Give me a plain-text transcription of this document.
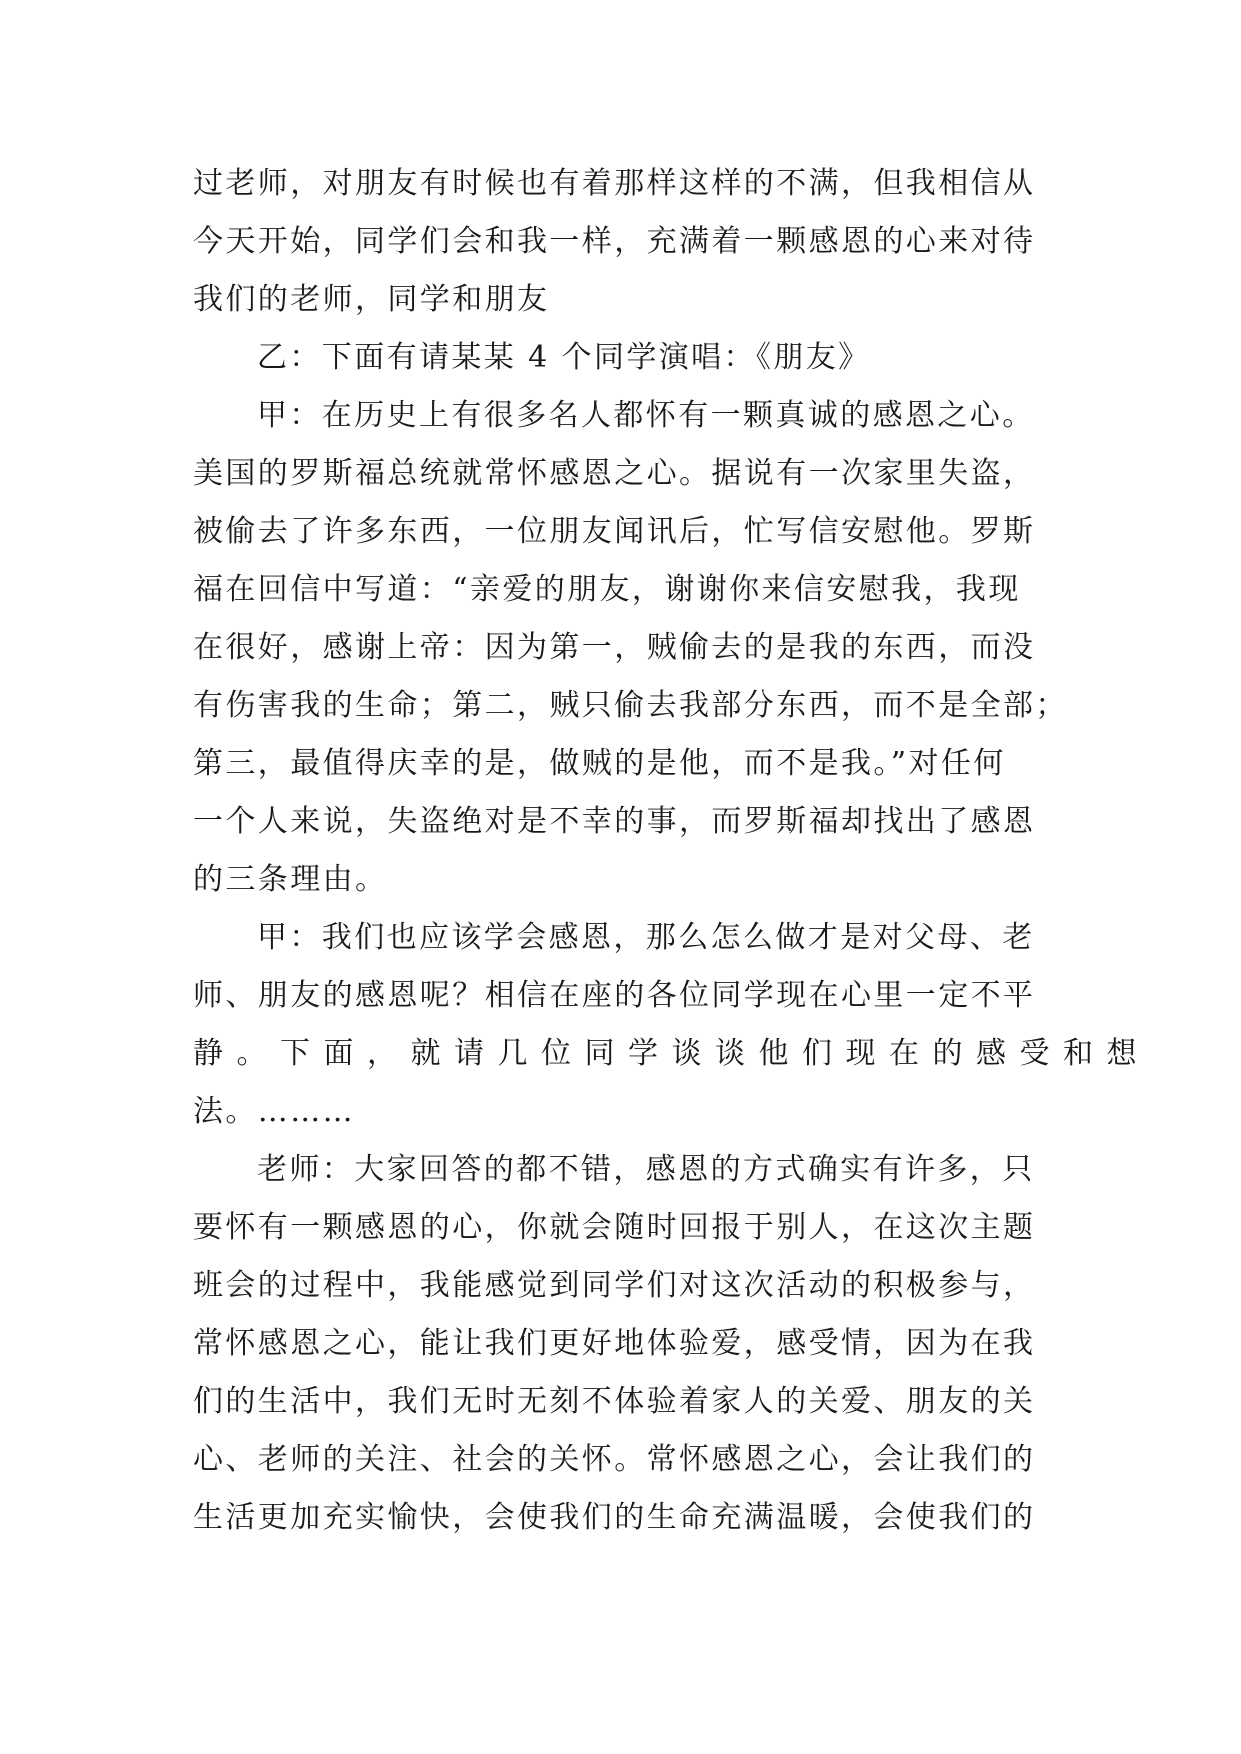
过老师，对朋友有时候也有着那样这样的不满，但我相信从
今天开始，同学们会和我一样，充满着一颗感恩的心来对待
我们的老师，同学和朋友

乙：下面有请某某 4 个同学演唱：《朋友》

甲：在历史上有很多名人都怀有一颗真诚的感恩之心。
美国的罗斯福总统就常怀感恩之心。据说有一次家里失盗，
被偷去了许多东西，一位朋友闻讯后，忙写信安慰他。罗斯
福在回信中写道：“亲爱的朋友，谢谢你来信安慰我，我现
在很好，感谢上帝：因为第一，贼偷去的是我的东西，而没
有伤害我的生命；第二，贼只偷去我部分东西，而不是全部；
第三，最值得庆幸的是，做贼的是他，而不是我。”对任何
一个人来说，失盗绝对是不幸的事，而罗斯福却找出了感恩
的三条理由。

甲：我们也应该学会感恩，那么怎么做才是对父母、老
师、朋友的感恩呢？相信在座的各位同学现在心里一定不平
静。下面，就请几位同学谈谈他们现在的感受和想
法。………

老师：大家回答的都不错，感恩的方式确实有许多，只
要怀有一颗感恩的心，你就会随时回报于别人，在这次主题
班会的过程中，我能感觉到同学们对这次活动的积极参与，
常怀感恩之心，能让我们更好地体验爱，感受情，因为在我
们的生活中，我们无时无刻不体验着家人的关爱、朋友的关
心、老师的关注、社会的关怀。常怀感恩之心，会让我们的
生活更加充实愉快，会使我们的生命充满温暖，会使我们的
